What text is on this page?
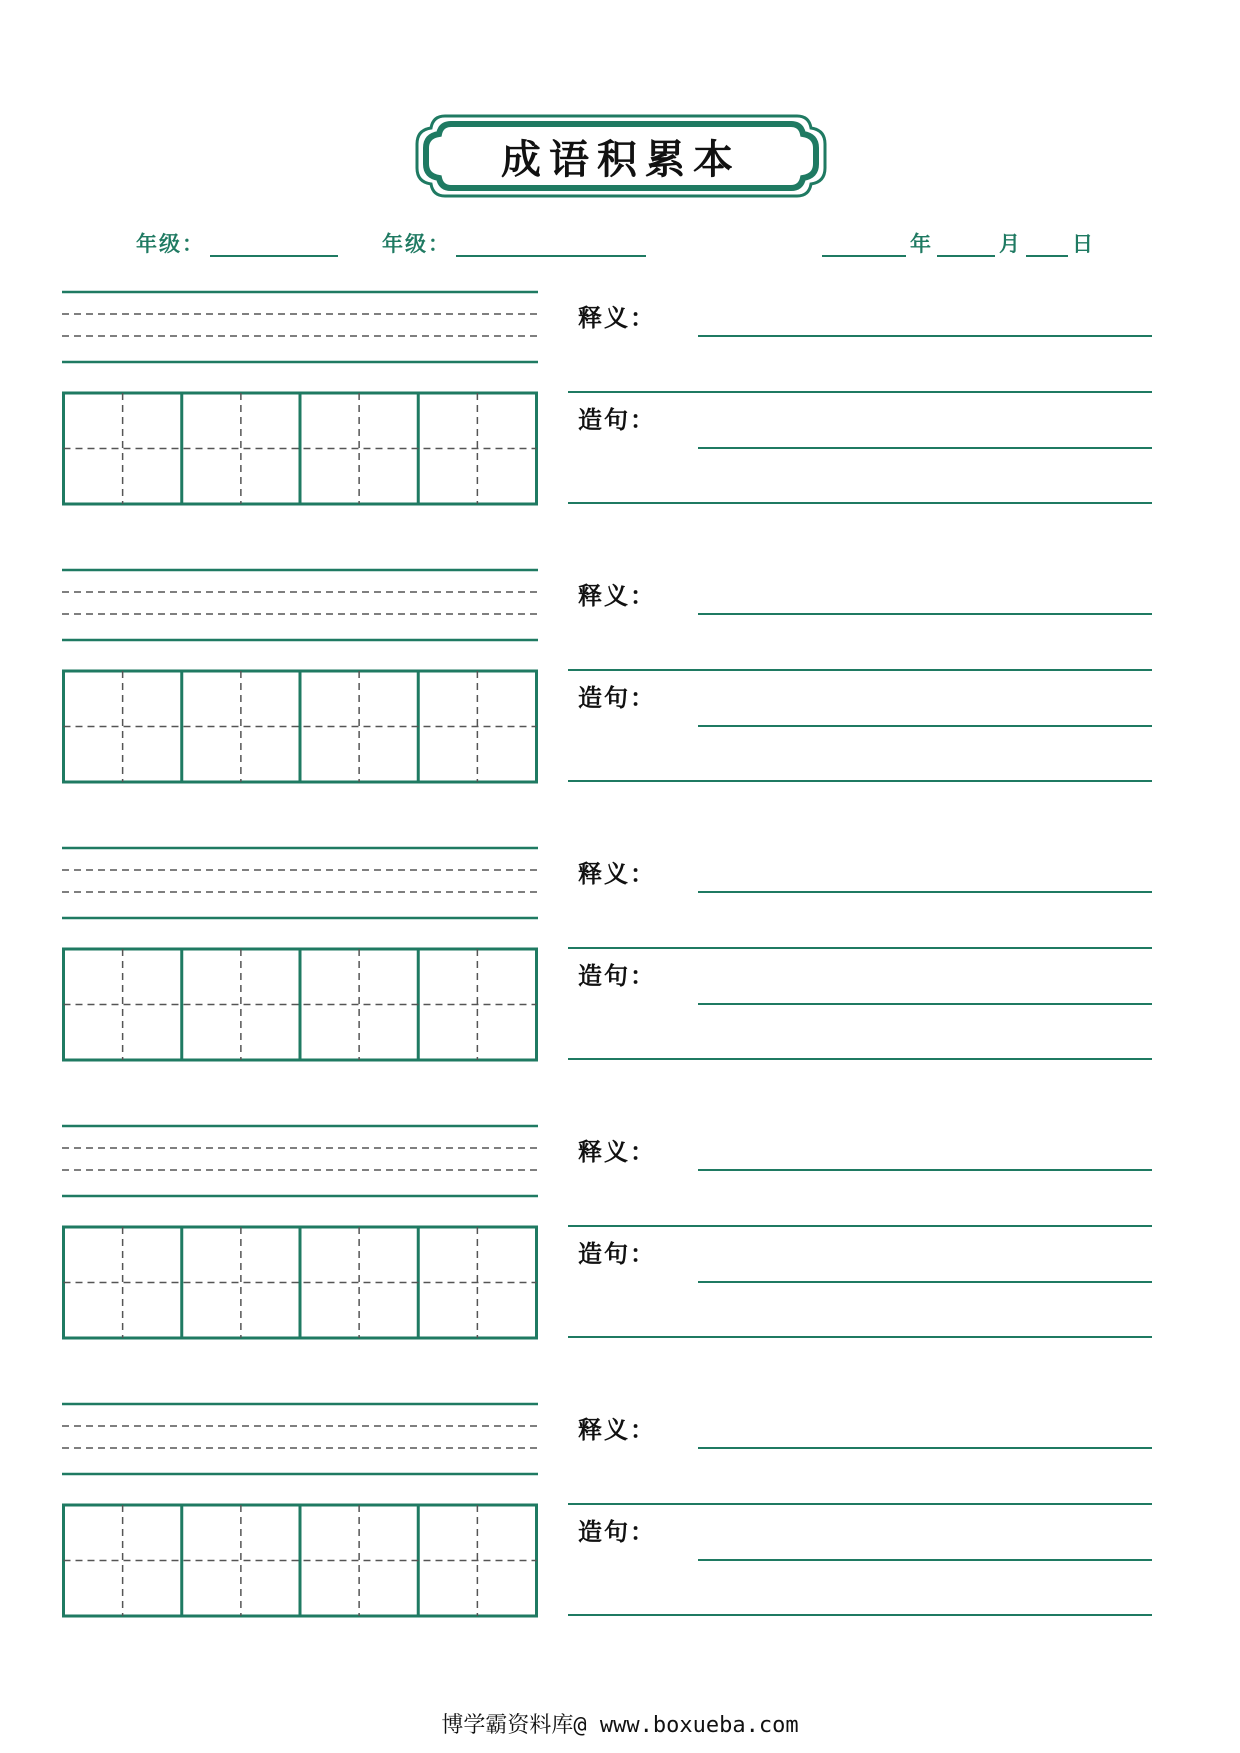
成语积累本
年级：	年级：	年	月 日
释义：
造句：
释义：
造句：
释义：
造句：
释义：
造句：
释义：
造句：
博学霸资料库@ www.boxueba.com
